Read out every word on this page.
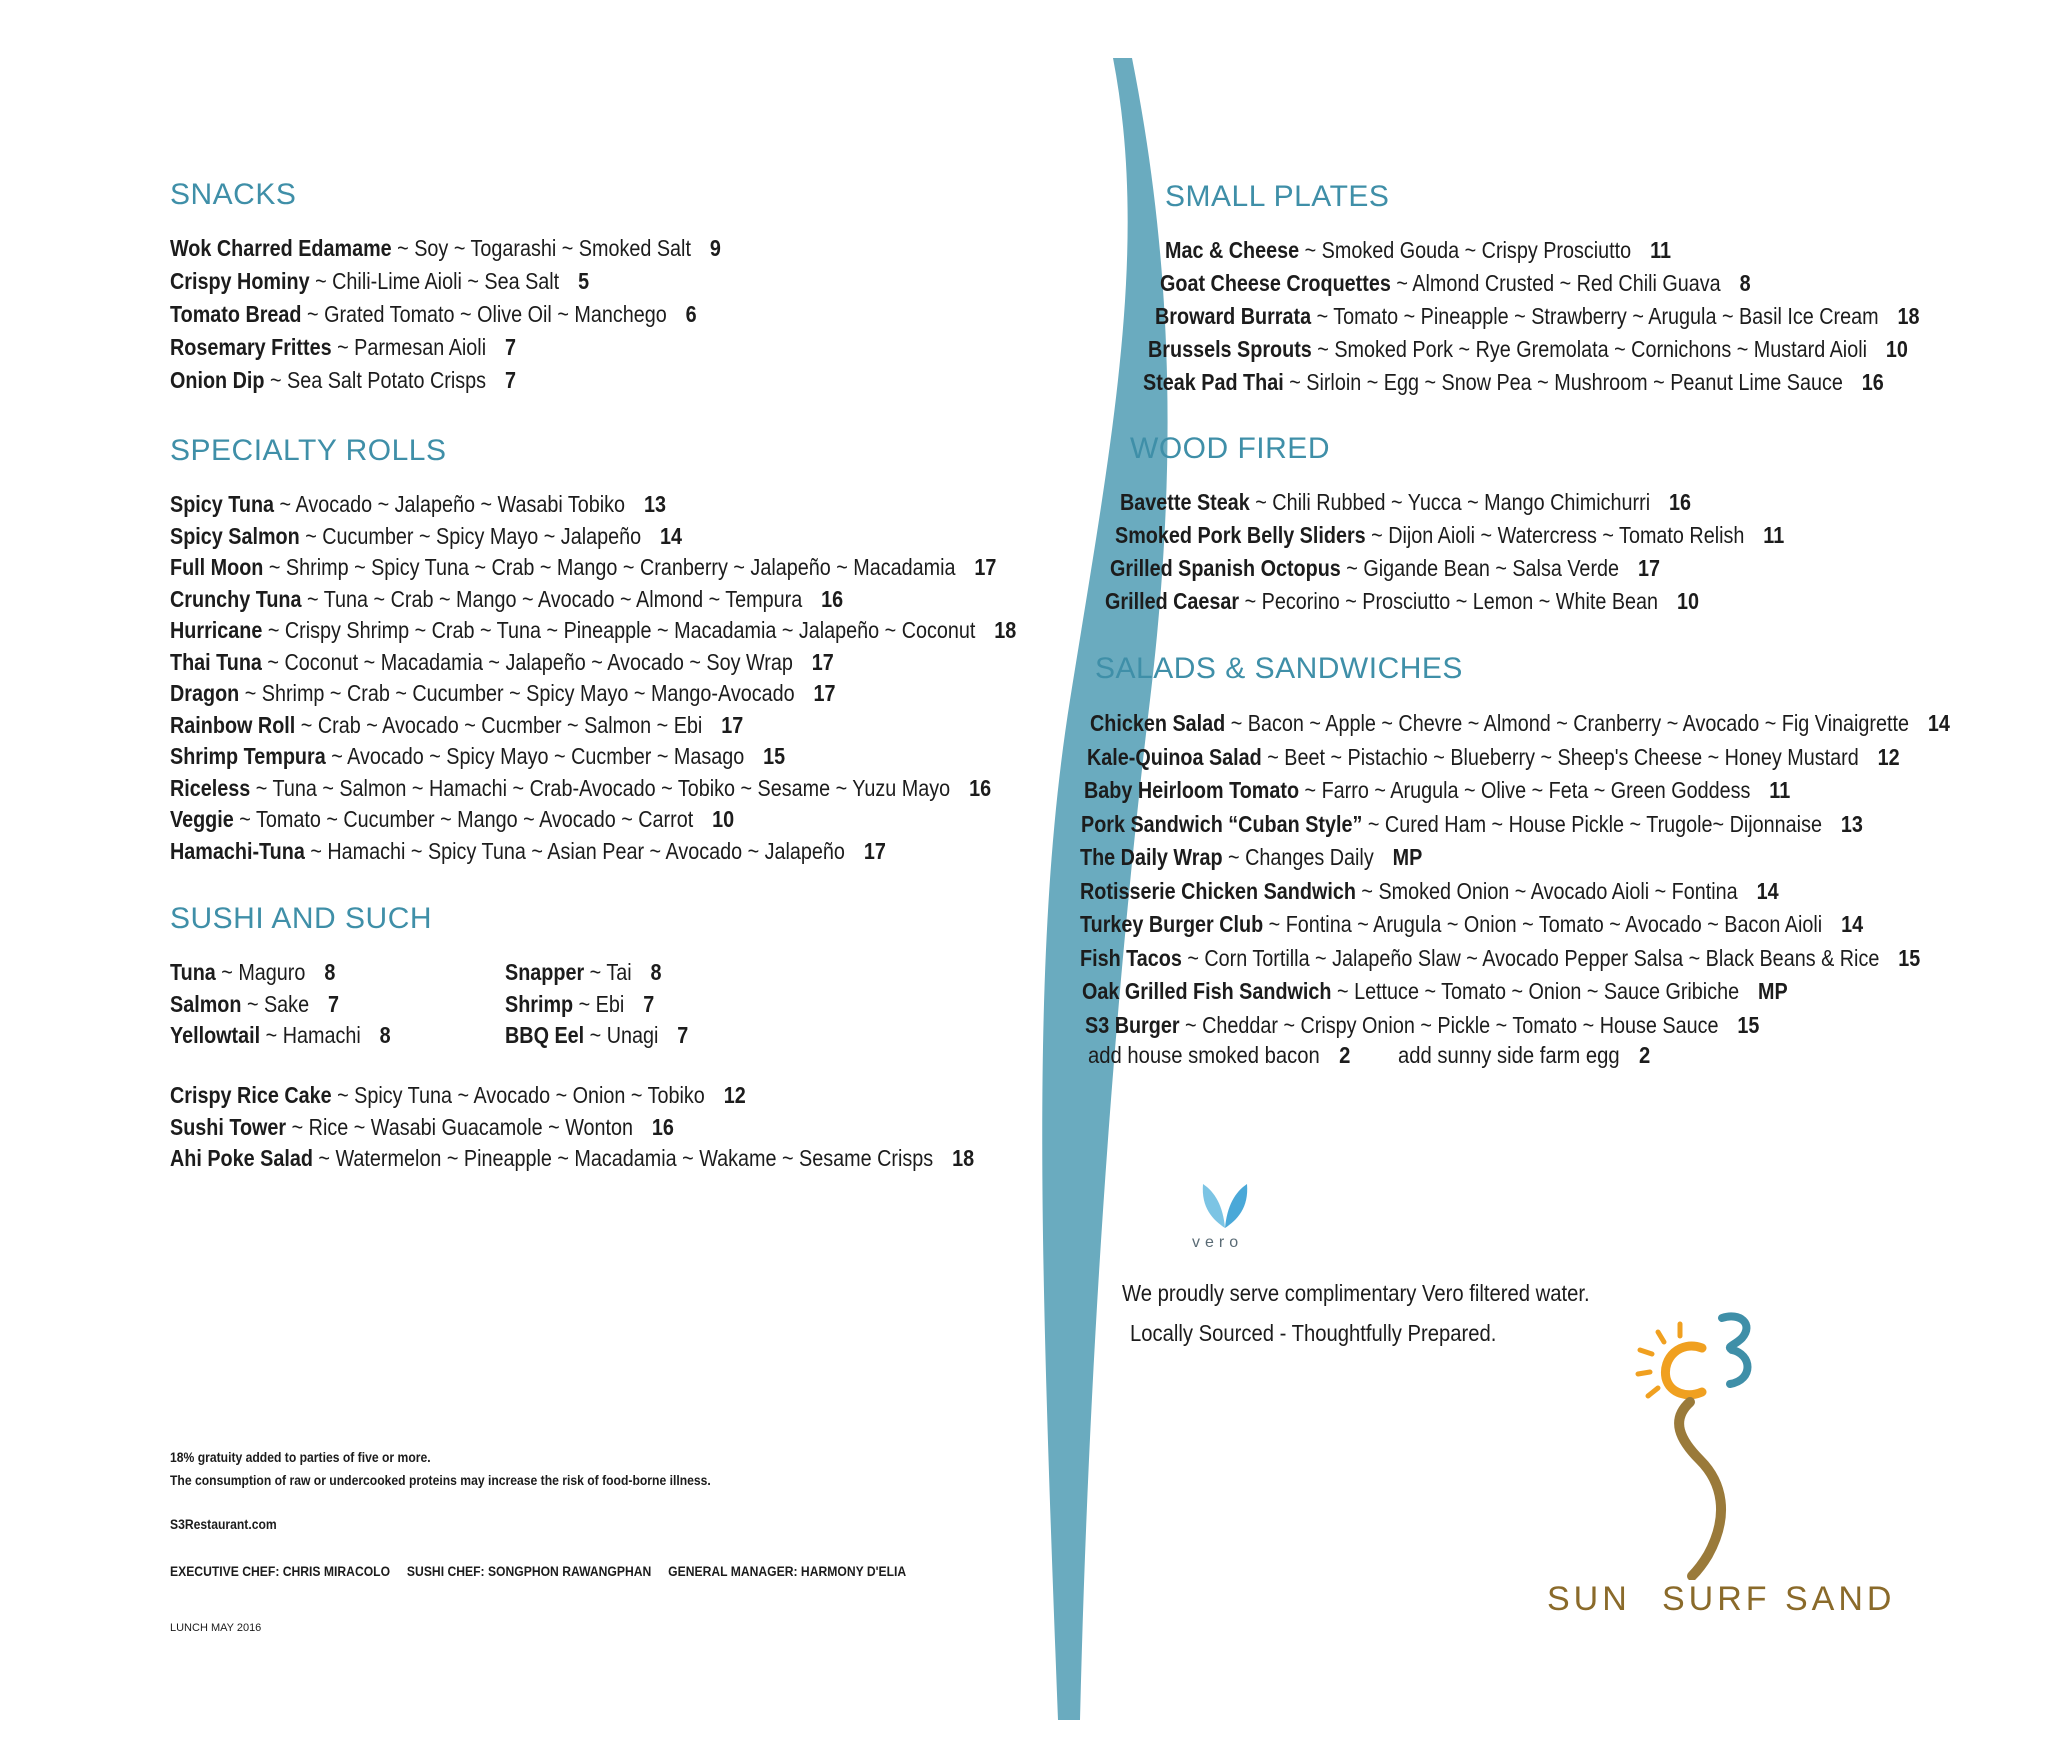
SNACKS
Wok Charred Edamame ~ Soy ~ Togarashi ~ Smoked Salt 9
Crispy Hominy ~ Chili-Lime Aioli ~ Sea Salt 5
Tomato Bread ~ Grated Tomato ~ Olive Oil ~ Manchego 6
Rosemary Frittes ~ Parmesan Aioli 7
Onion Dip ~ Sea Salt Potato Crisps 7
SPECIALTY ROLLS
Spicy Tuna ~ Avocado ~ Jalapeño ~ Wasabi Tobiko 13
Spicy Salmon ~ Cucumber ~ Spicy Mayo ~ Jalapeño 14
Full Moon ~ Shrimp ~ Spicy Tuna ~ Crab ~ Mango ~ Cranberry ~ Jalapeño ~ Macadamia 17
Crunchy Tuna ~ Tuna ~ Crab ~ Mango ~ Avocado ~ Almond ~ Tempura 16
Hurricane ~ Crispy Shrimp ~ Crab ~ Tuna ~ Pineapple ~ Macadamia ~ Jalapeño ~ Coconut 18
Thai Tuna ~ Coconut ~ Macadamia ~ Jalapeño ~ Avocado ~ Soy Wrap 17
Dragon ~ Shrimp ~ Crab ~ Cucumber ~ Spicy Mayo ~ Mango-Avocado 17
Rainbow Roll ~ Crab ~ Avocado ~ Cucmber ~ Salmon ~ Ebi 17
Shrimp Tempura ~ Avocado ~ Spicy Mayo ~ Cucmber ~ Masago 15
Riceless ~ Tuna ~ Salmon ~ Hamachi ~ Crab-Avocado ~ Tobiko ~ Sesame ~ Yuzu Mayo 16
Veggie ~ Tomato ~ Cucumber ~ Mango ~ Avocado ~ Carrot 10
Hamachi-Tuna ~ Hamachi ~ Spicy Tuna ~ Asian Pear ~ Avocado ~ Jalapeño 17
SUSHI AND SUCH
Tuna ~ Maguro 8
Salmon ~ Sake 7
Yellowtail ~ Hamachi 8
Snapper ~ Tai 8
Shrimp ~ Ebi 7
BBQ Eel ~ Unagi 7
Crispy Rice Cake ~ Spicy Tuna ~ Avocado ~ Onion ~ Tobiko 12
Sushi Tower ~ Rice ~ Wasabi Guacamole ~ Wonton 16
Ahi Poke Salad ~ Watermelon ~ Pineapple ~ Macadamia ~ Wakame ~ Sesame Crisps 18
18% gratuity added to parties of five or more.
The consumption of raw or undercooked proteins may increase the risk of food-borne illness.
S3Restaurant.com
EXECUTIVE CHEF: CHRIS MIRACOLO     SUSHI CHEF: SONGPHON RAWANGPHAN     GENERAL MANAGER: HARMONY D'ELIA
LUNCH MAY 2016
SMALL PLATES
Mac & Cheese ~ Smoked Gouda ~ Crispy Prosciutto 11
Goat Cheese Croquettes ~ Almond Crusted ~ Red Chili Guava 8
Broward Burrata ~ Tomato ~ Pineapple ~ Strawberry ~ Arugula ~ Basil Ice Cream 18
Brussels Sprouts ~ Smoked Pork ~ Rye Gremolata ~ Cornichons ~ Mustard Aioli 10
Steak Pad Thai ~ Sirloin ~ Egg ~ Snow Pea ~ Mushroom ~ Peanut Lime Sauce 16
WOOD FIRED
Bavette Steak ~ Chili Rubbed ~ Yucca ~ Mango Chimichurri 16
Smoked Pork Belly Sliders ~ Dijon Aioli ~ Watercress ~ Tomato Relish 11
Grilled Spanish Octopus ~ Gigande Bean ~ Salsa Verde 17
Grilled Caesar ~ Pecorino ~ Prosciutto ~ Lemon ~ White Bean 10
SALADS & SANDWICHES
Chicken Salad ~ Bacon ~ Apple ~ Chevre ~ Almond ~ Cranberry ~ Avocado ~ Fig Vinaigrette 14
Kale-Quinoa Salad ~ Beet ~ Pistachio ~ Blueberry ~ Sheep's Cheese ~ Honey Mustard 12
Baby Heirloom Tomato ~ Farro ~ Arugula ~ Olive ~ Feta ~ Green Goddess 11
Pork Sandwich “Cuban Style” ~ Cured Ham ~ House Pickle ~ Trugole~ Dijonnaise 13
The Daily Wrap ~ Changes Daily MP
Rotisserie Chicken Sandwich ~ Smoked Onion ~ Avocado Aioli ~ Fontina 14
Turkey Burger Club ~ Fontina ~ Arugula ~ Onion ~ Tomato ~ Avocado ~ Bacon Aioli 14
Fish Tacos ~ Corn Tortilla ~ Jalapeño Slaw ~ Avocado Pepper Salsa ~ Black Beans & Rice 15
Oak Grilled Fish Sandwich ~ Lettuce ~ Tomato ~ Onion ~ Sauce Gribiche MP
S3 Burger ~ Cheddar ~ Crispy Onion ~ Pickle ~ Tomato ~ House Sauce 15
add house smoked bacon 2 add sunny side farm egg 2
vero
We proudly serve complimentary Vero filtered water.
Locally Sourced - Thoughtfully Prepared.
SUN SURF SAND
